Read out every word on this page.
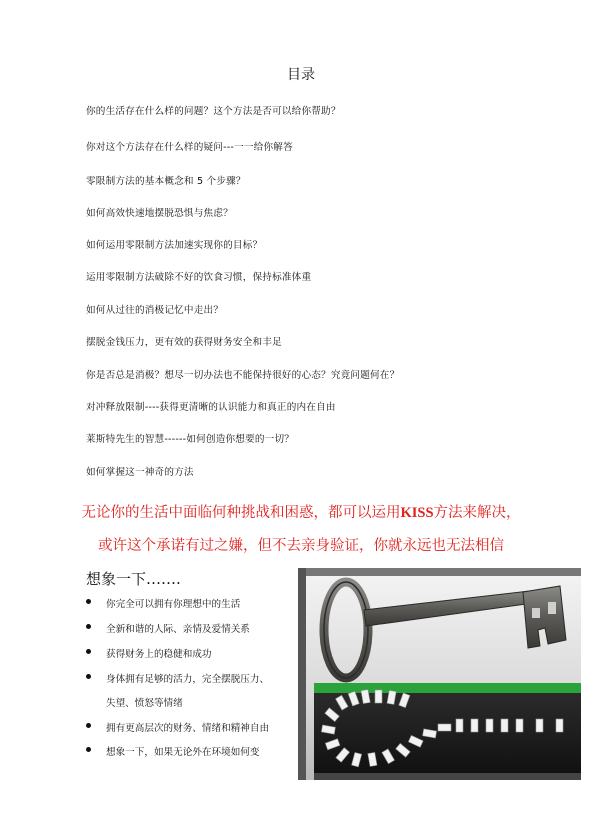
目录
你的生活存在什么样的问题？这个方法是否可以给你帮助？
你对这个方法存在什么样的疑问---一一给你解答
零限制方法的基本概念和 5 个步骤？
如何高效快速地摆脱恐惧与焦虑？
如何运用零限制方法加速实现你的目标？
运用零限制方法破除不好的饮食习惯，保持标准体重
如何从过往的消极记忆中走出？
摆脱金钱压力，更有效的获得财务安全和丰足
你是否总是消极？想尽一切办法也不能保持很好的心态？究竟问题何在？
对冲释放限制----获得更清晰的认识能力和真正的内在自由
莱斯特先生的智慧------如何创造你想要的一切？
如何掌握这一神奇的方法
无论你的生活中面临何种挑战和困惑，都可以运用KISS方法来解决，
或许这个承诺有过之嫌，但不去亲身验证，你就永远也无法相信
想象一下…….
你完全可以拥有你理想中的生活
全新和谐的人际、亲情及爱情关系
获得财务上的稳健和成功
身体拥有足够的活力，完全摆脱压力、
失望、愤怒等情绪
拥有更高层次的财务、情绪和精神自由
想象一下，如果无论外在环境如何变
